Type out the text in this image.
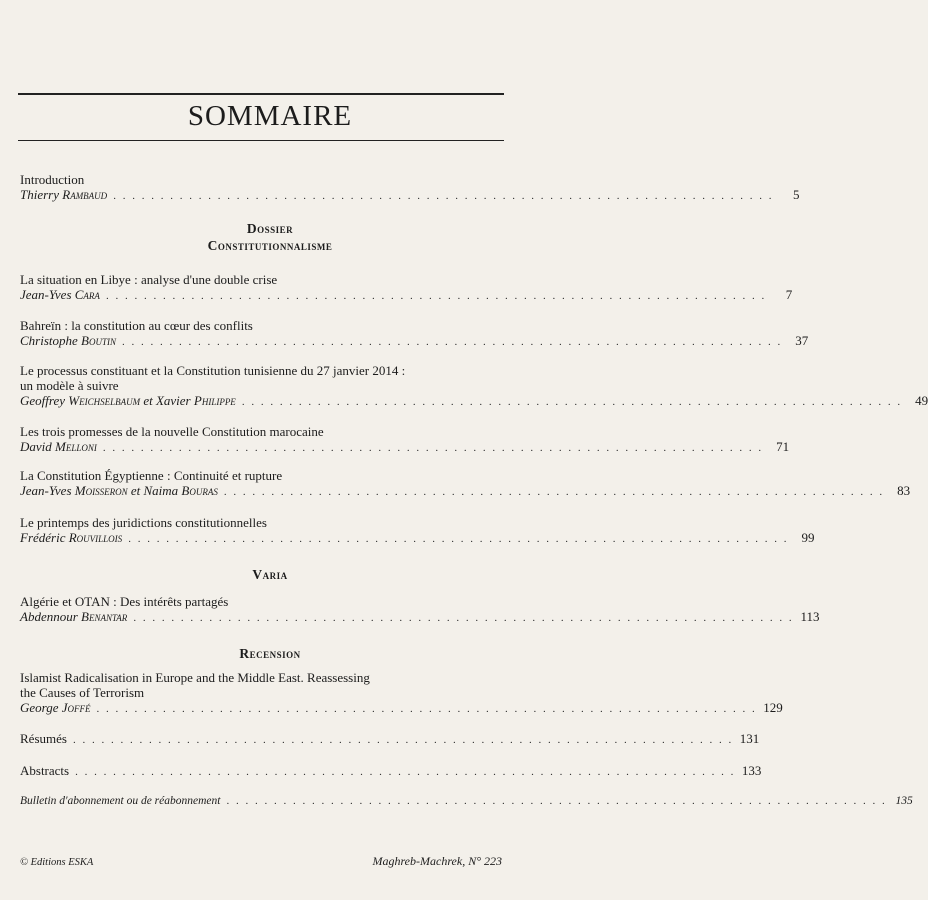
SOMMAIRE
Introduction
Thierry Rambaud . . . . . . . . . . . . . . . . . . . . . . . . . . . . . . . . . . . . . . . . . . . . . . . . . . . . . . . . . . . . . . . . . . . . . .	5
Dossier
Constitutionnalisme
La situation en Libye : analyse d'une double crise
Jean-Yves Cara . . . . . . . . . . . . . . . . . . . . . . . . . . . . . . . . . . . . . . . . . . . . . . . . . . . . . . . . . . . . . . . . . . . . . .	7
Bahreïn : la constitution au cœur des conflits
Christophe Boutin . . . . . . . . . . . . . . . . . . . . . . . . . . . . . . . . . . . . . . . . . . . . . . . . . . . . . . . . . . . . . . . . . . . . . .	37
Le processus constituant et la Constitution tunisienne du 27 janvier 2014 :
un modèle à suivre
Geoffrey Weichselbaum et Xavier Philippe . . . . . . . . . . . . . . . . . . . . . . . . . . . . . . . . . . . . . . . . . . . . . . . . . . . . . . . . . . . . . . . . . . . . . .	49
Les trois promesses de la nouvelle Constitution marocaine
David Melloni . . . . . . . . . . . . . . . . . . . . . . . . . . . . . . . . . . . . . . . . . . . . . . . . . . . . . . . . . . . . . . . . . . . . . .	71
La Constitution Égyptienne : Continuité et rupture
Jean-Yves Moisseron et Naima Bouras . . . . . . . . . . . . . . . . . . . . . . . . . . . . . . . . . . . . . . . . . . . . . . . . . . . . . . . . . . . . . . . . . . . . . .	83
Le printemps des juridictions constitutionnelles
Frédéric Rouvillois . . . . . . . . . . . . . . . . . . . . . . . . . . . . . . . . . . . . . . . . . . . . . . . . . . . . . . . . . . . . . . . . . . . . . .	99
Varia
Algérie et OTAN : Des intérêts partagés
Abdennour Benantar . . . . . . . . . . . . . . . . . . . . . . . . . . . . . . . . . . . . . . . . . . . . . . . . . . . . . . . . . . . . . . . . . . . . . . 113
Recension
Islamist Radicalisation in Europe and the Middle East. Reassessing
the Causes of Terrorism
George Joffé . . . . . . . . . . . . . . . . . . . . . . . . . . . . . . . . . . . . . . . . . . . . . . . . . . . . . . . . . . . . . . . . . . . . . . 129
Résumés . . . . . . . . . . . . . . . . . . . . . . . . . . . . . . . . . . . . . . . . . . . . . . . . . . . . . . . . . . . . . . . . . . . . . . 131
Abstracts . . . . . . . . . . . . . . . . . . . . . . . . . . . . . . . . . . . . . . . . . . . . . . . . . . . . . . . . . . . . . . . . . . . . . . 133
Bulletin d'abonnement ou de réabonnement . . . . . . . . . . . . . . . . . . . . . . . . . . . . . . . . . . . . . . . . . . . . . . . . . . . . . . . . . . . . . . . . . . . . . . 135
© Editions ESKA	Maghreb-Machrek, N° 223
